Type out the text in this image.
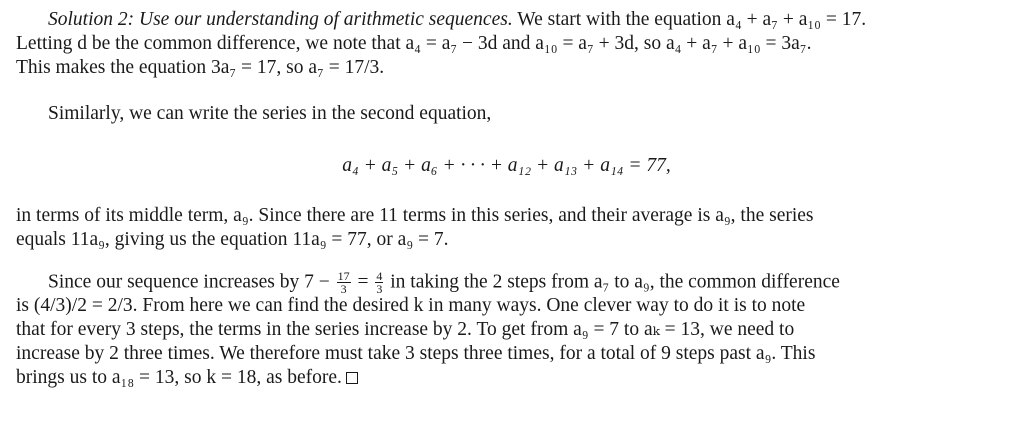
Solution 2: Use our understanding of arithmetic sequences. We start with the equation a₄ + a₇ + a₁₀ = 17.
Letting d be the common difference, we note that a₄ = a₇ − 3d and a₁₀ = a₇ + 3d, so a₄ + a₇ + a₁₀ = 3a₇.
This makes the equation 3a₇ = 17, so a₇ = 17/3.
Similarly, we can write the series in the second equation,
a₄ + a₅ + a₆ + · · · + a₁₂ + a₁₃ + a₁₄ = 77,
in terms of its middle term, a₉. Since there are 11 terms in this series, and their average is a₉, the series
equals 11a₉, giving us the equation 11a₉ = 77, or a₉ = 7.
Since our sequence increases by $7 - \frac{17}{3} = \frac{4}{3}$ in taking the 2 steps from a₇ to a₉, the common difference
is (4/3)/2 = 2/3. From here we can find the desired k in many ways. One clever way to do it is to note
that for every 3 steps, the terms in the series increase by 2. To get from a₉ = 7 to aₖ = 13, we need to
increase by 2 three times. We therefore must take 3 steps three times, for a total of 9 steps past a₉. This
brings us to a₁₈ = 13, so k = 18, as before.
